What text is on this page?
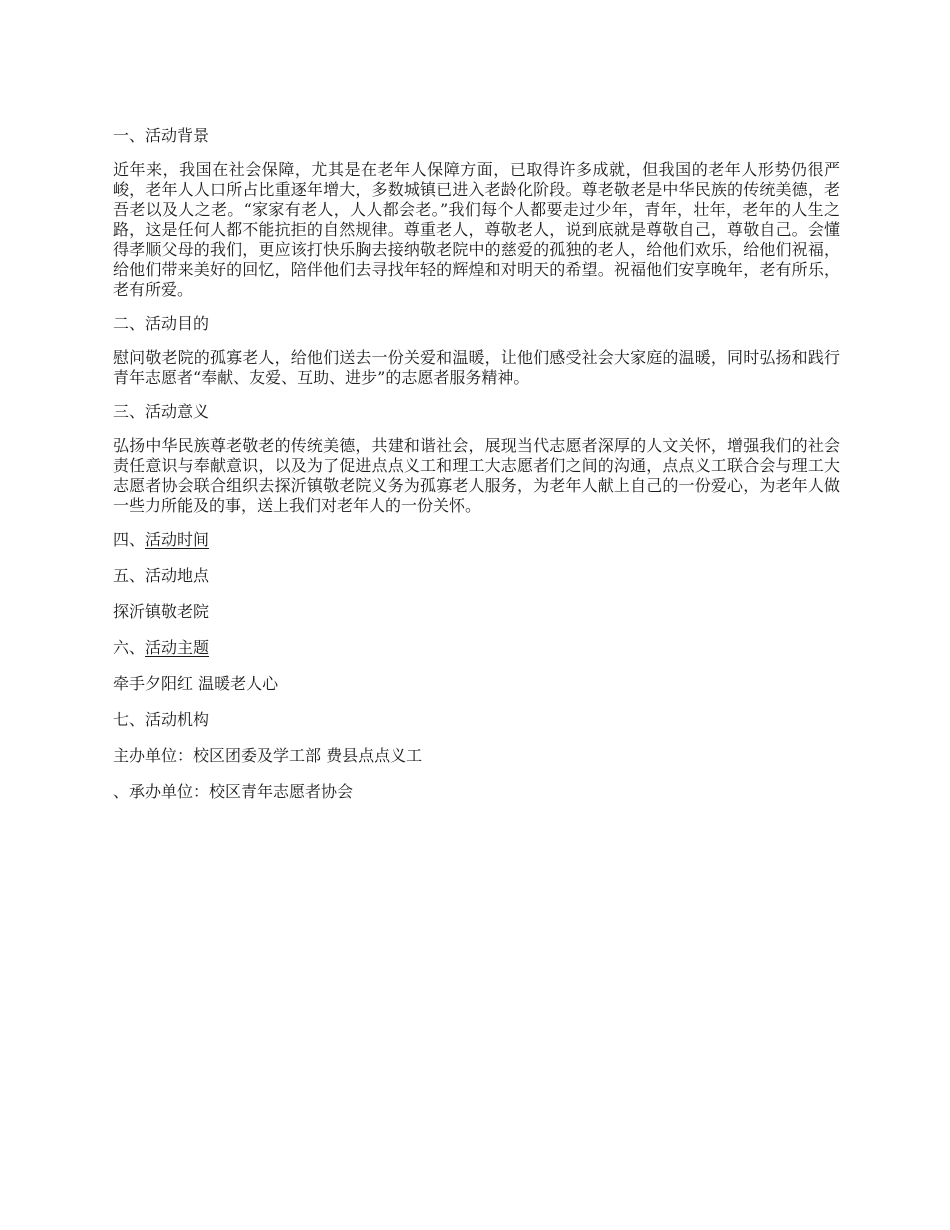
一、活动背景

近年来，我国在社会保障，尤其是在老年人保障方面，已取得许多成就，但我国的老年人形势仍很严峻，老年人人口所占比重逐年增大，多数城镇已进入老龄化阶段。尊老敬老是中华民族的传统美德，老吾老以及人之老。“家家有老人，人人都会老。”我们每个人都要走过少年，青年，壮年，老年的人生之路，这是任何人都不能抗拒的自然规律。尊重老人，尊敬老人，说到底就是尊敬自己，尊敬自己。会懂得孝顺父母的我们，更应该打快乐胸去接纳敬老院中的慈爱的孤独的老人，给他们欢乐，给他们祝福，给他们带来美好的回忆，陪伴他们去寻找年轻的辉煌和对明天的希望。祝福他们安享晚年，老有所乐，老有所爱。

二、活动目的

慰问敬老院的孤寡老人，给他们送去一份关爱和温暖，让他们感受社会大家庭的温暖，同时弘扬和践行青年志愿者“奉献、友爱、互助、进步”的志愿者服务精神。

三、活动意义

弘扬中华民族尊老敬老的传统美德，共建和谐社会，展现当代志愿者深厚的人文关怀，增强我们的社会责任意识与奉献意识，以及为了促进点点义工和理工大志愿者们之间的沟通，点点义工联合会与理工大志愿者协会联合组织去探沂镇敬老院义务为孤寡老人服务，为老年人献上自己的一份爱心，为老年人做一些力所能及的事，送上我们对老年人的一份关怀。

四、活动时间

五、活动地点

探沂镇敬老院

六、活动主题

牵手夕阳红 温暖老人心

七、活动机构

主办单位：校区团委及学工部 费县点点义工

、承办单位：校区青年志愿者协会
